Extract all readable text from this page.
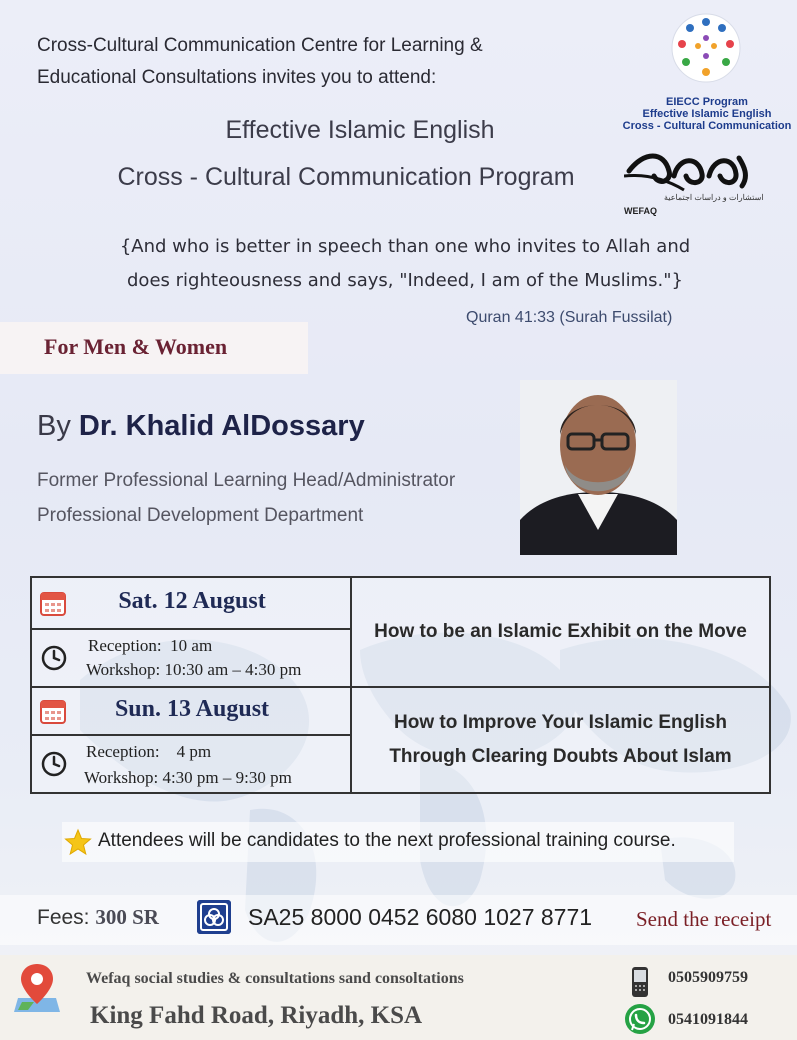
Cross-Cultural Communication Centre for Learning &
Educational Consultations invites you to attend:
Effective Islamic English
Cross - Cultural Communication Program
EIECC Program
Effective Islamic English
Cross - Cultural Communication
استشارات و دراسات اجتماعية
WEFAQ
{And who is better in speech than one who invites to Allah and
does righteousness and says, "Indeed, I am of the Muslims."}
Quran 41:33 (Surah Fussilat)
For Men & Women
By Dr. Khalid AlDossary
Former Professional Learning Head/Administrator
Professional Development Department
Sat. 12 August	How to be an Islamic Exhibit on the Move

Reception: 10 am
Workshop: 10:30 am – 4:30 pm	

Sun. 13 August	How to Improve Your Islamic English
Through Clearing Doubts About Islam

Reception: 4 pm
Workshop: 4:30 pm – 9:30 pm	
Attendees will be candidates to the next professional training course.
Fees: 300 SR	SA25 8000 0452 6080 1027 8771 Send the receipt
Wefaq social studies & consultations sand consoltations
King Fahd Road, Riyadh, KSA
0505909759
0541091844
